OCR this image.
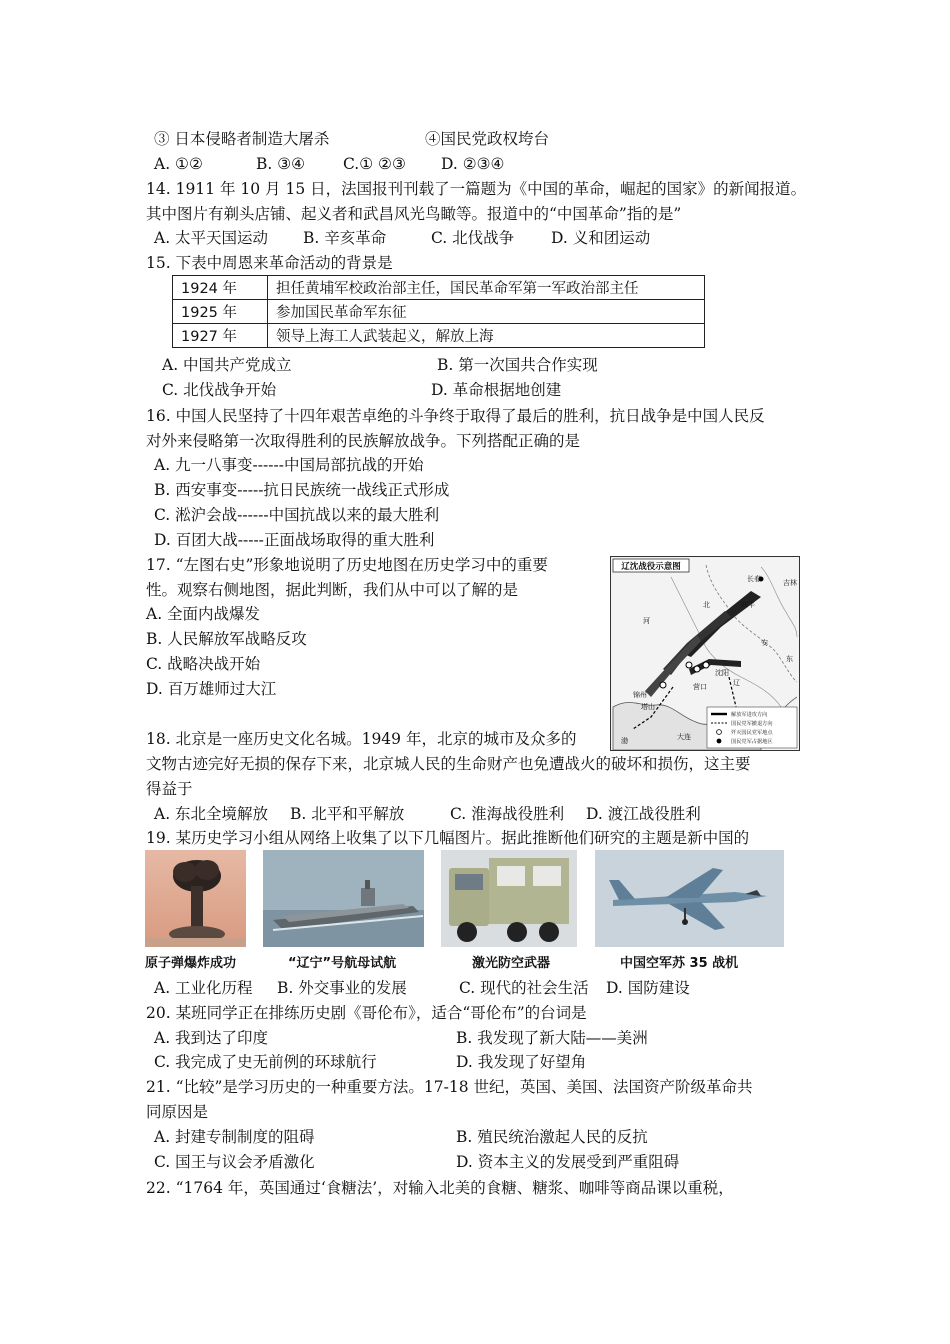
③ 日本侵略者制造大屠杀	④国民党政权垮台
A. ①②	B. ③④ C.① ②③ D. ②③④
14. 1911 年 10 月 15 日，法国报刊刊载了一篇题为《中国的革命，崛起的国家》的新闻报道。
其中图片有剃头店铺、起义者和武昌风光鸟瞰等。报道中的“中国革命”指的是”
A. 太平天国运动 B. 辛亥革命	C. 北伐战争 D. 义和团运动
15. 下表中周恩来革命活动的背景是
1924 年	担任黄埔军校政治部主任，国民革命军第一军政治部主任
1925 年	参加国民革命军东征
1927 年	领导上海工人武装起义，解放上海
A. 中国共产党成立	B. 第一次国共合作实现
C. 北伐战争开始	D. 革命根据地创建
16. 中国人民坚持了十四年艰苦卓绝的斗争终于取得了最后的胜利，抗日战争是中国人民反
对外来侵略第一次取得胜利的民族解放战争。下列搭配正确的是
A. 九一八事变------中国局部抗战的开始
B. 西安事变-----抗日民族统一战线正式形成
C. 淞沪会战------中国抗战以来的最大胜利
D. 百团大战-----正面战场取得的重大胜利
17. “左图右史”形象地说明了历史地图在历史学习中的重要
性。观察右侧地图，据此判断，我们从中可以了解的是
A. 全面内战爆发
B. 人民解放军战略反攻
C. 战略决战开始
D. 百万雄师过大江
辽沈战役示意图
长春	吉林
四平
北
河
辽
安
东
沈阳
锦州
塔山
渤	大连
营口
解放军进攻方向
国民党军撤退方向
歼灭国民党军地点
国民党军占据地区
18. 北京是一座历史文化名城。1949 年，北京的城市及众多的
文物古迹完好无损的保存下来，北京城人民的生命财产也免遭战火的破坏和损伤，这主要
得益于
A. 东北全境解放 B. 北平和平解放	C. 淮海战役胜利 D. 渡江战役胜利
19. 某历史学习小组从网络上收集了以下几幅图片。据此推断他们研究的主题是新中国的
原子弹爆炸成功	“辽宁”号航母试航	激光防空武器	中国空军苏 35 战机
A. 工业化历程 B. 外交事业的发展	C. 现代的社会生活 D. 国防建设
20. 某班同学正在排练历史剧《哥伦布》，适合“哥伦布”的台词是
A. 我到达了印度	B. 我发现了新大陆——美洲
C. 我完成了史无前例的环球航行	D. 我发现了好望角
21. “比较”是学习历史的一种重要方法。17-18 世纪，英国、美国、法国资产阶级革命共
同原因是
A. 封建专制制度的阻碍	B. 殖民统治激起人民的反抗
C. 国王与议会矛盾激化	D. 资本主义的发展受到严重阻碍
22. “1764 年，英国通过‘食糖法’，对输入北美的食糖、糖浆、咖啡等商品课以重税，
